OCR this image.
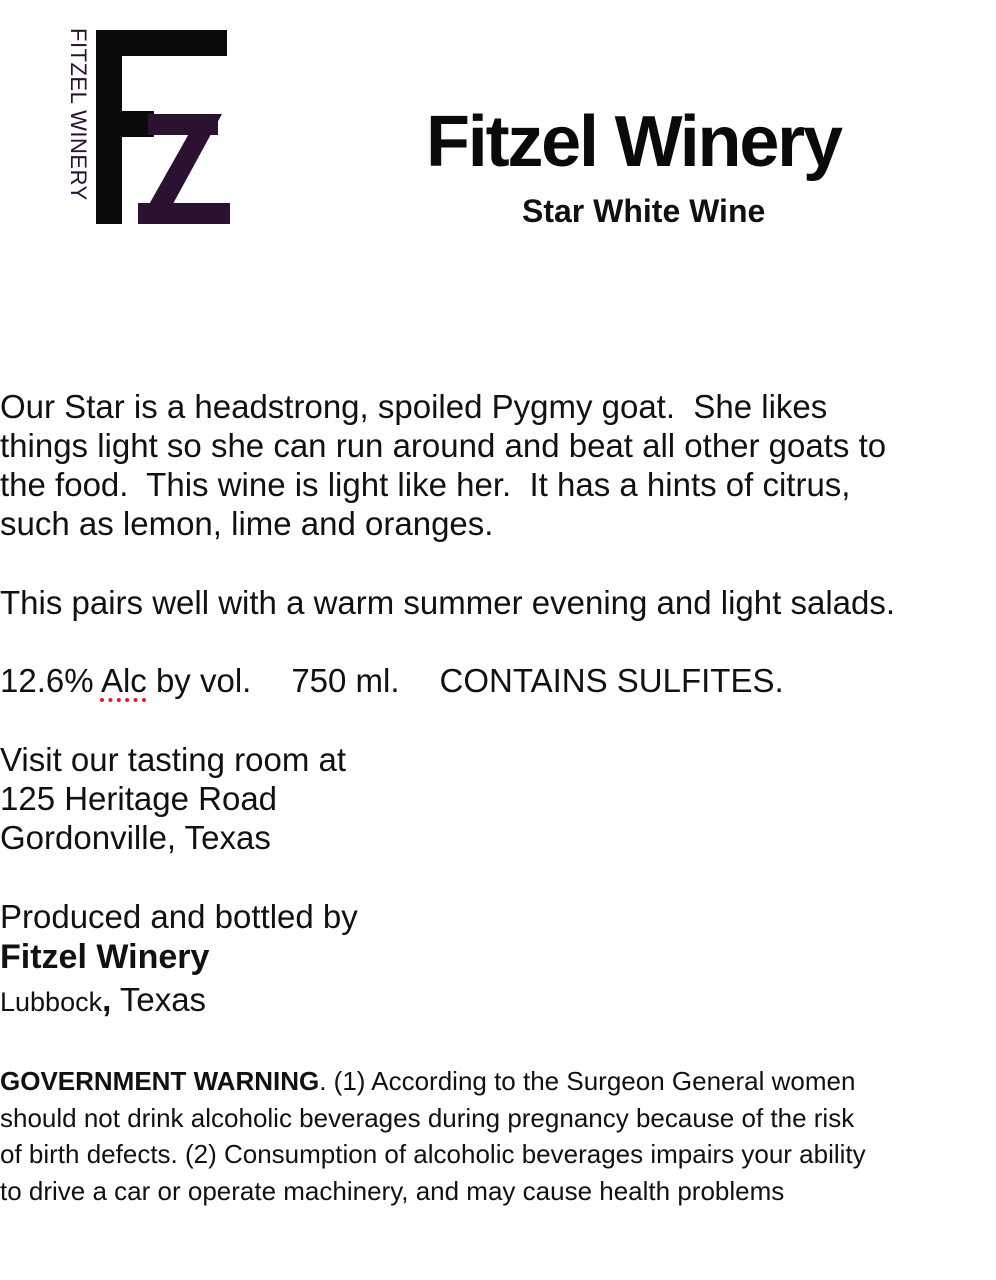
FITZEL WINERY	Fitzel Winery
Star White Wine
Our Star is a headstrong, spoiled Pygmy goat.  She likes
things light so she can run around and beat all other goats to
the food.  This wine is light like her.  It has a hints of citrus,
such as lemon, lime and oranges.
This pairs well with a warm summer evening and light salads.
12.6% Alc by vol. 750 ml. CONTAINS SULFITES.
Visit our tasting room at
125 Heritage Road
Gordonville, Texas
Produced and bottled by
Fitzel Winery
Lubbock, Texas
GOVERNMENT WARNING. (1) According to the Surgeon General women
should not drink alcoholic beverages during pregnancy because of the risk
of birth defects. (2) Consumption of alcoholic beverages impairs your ability
to drive a car or operate machinery, and may cause health problems
